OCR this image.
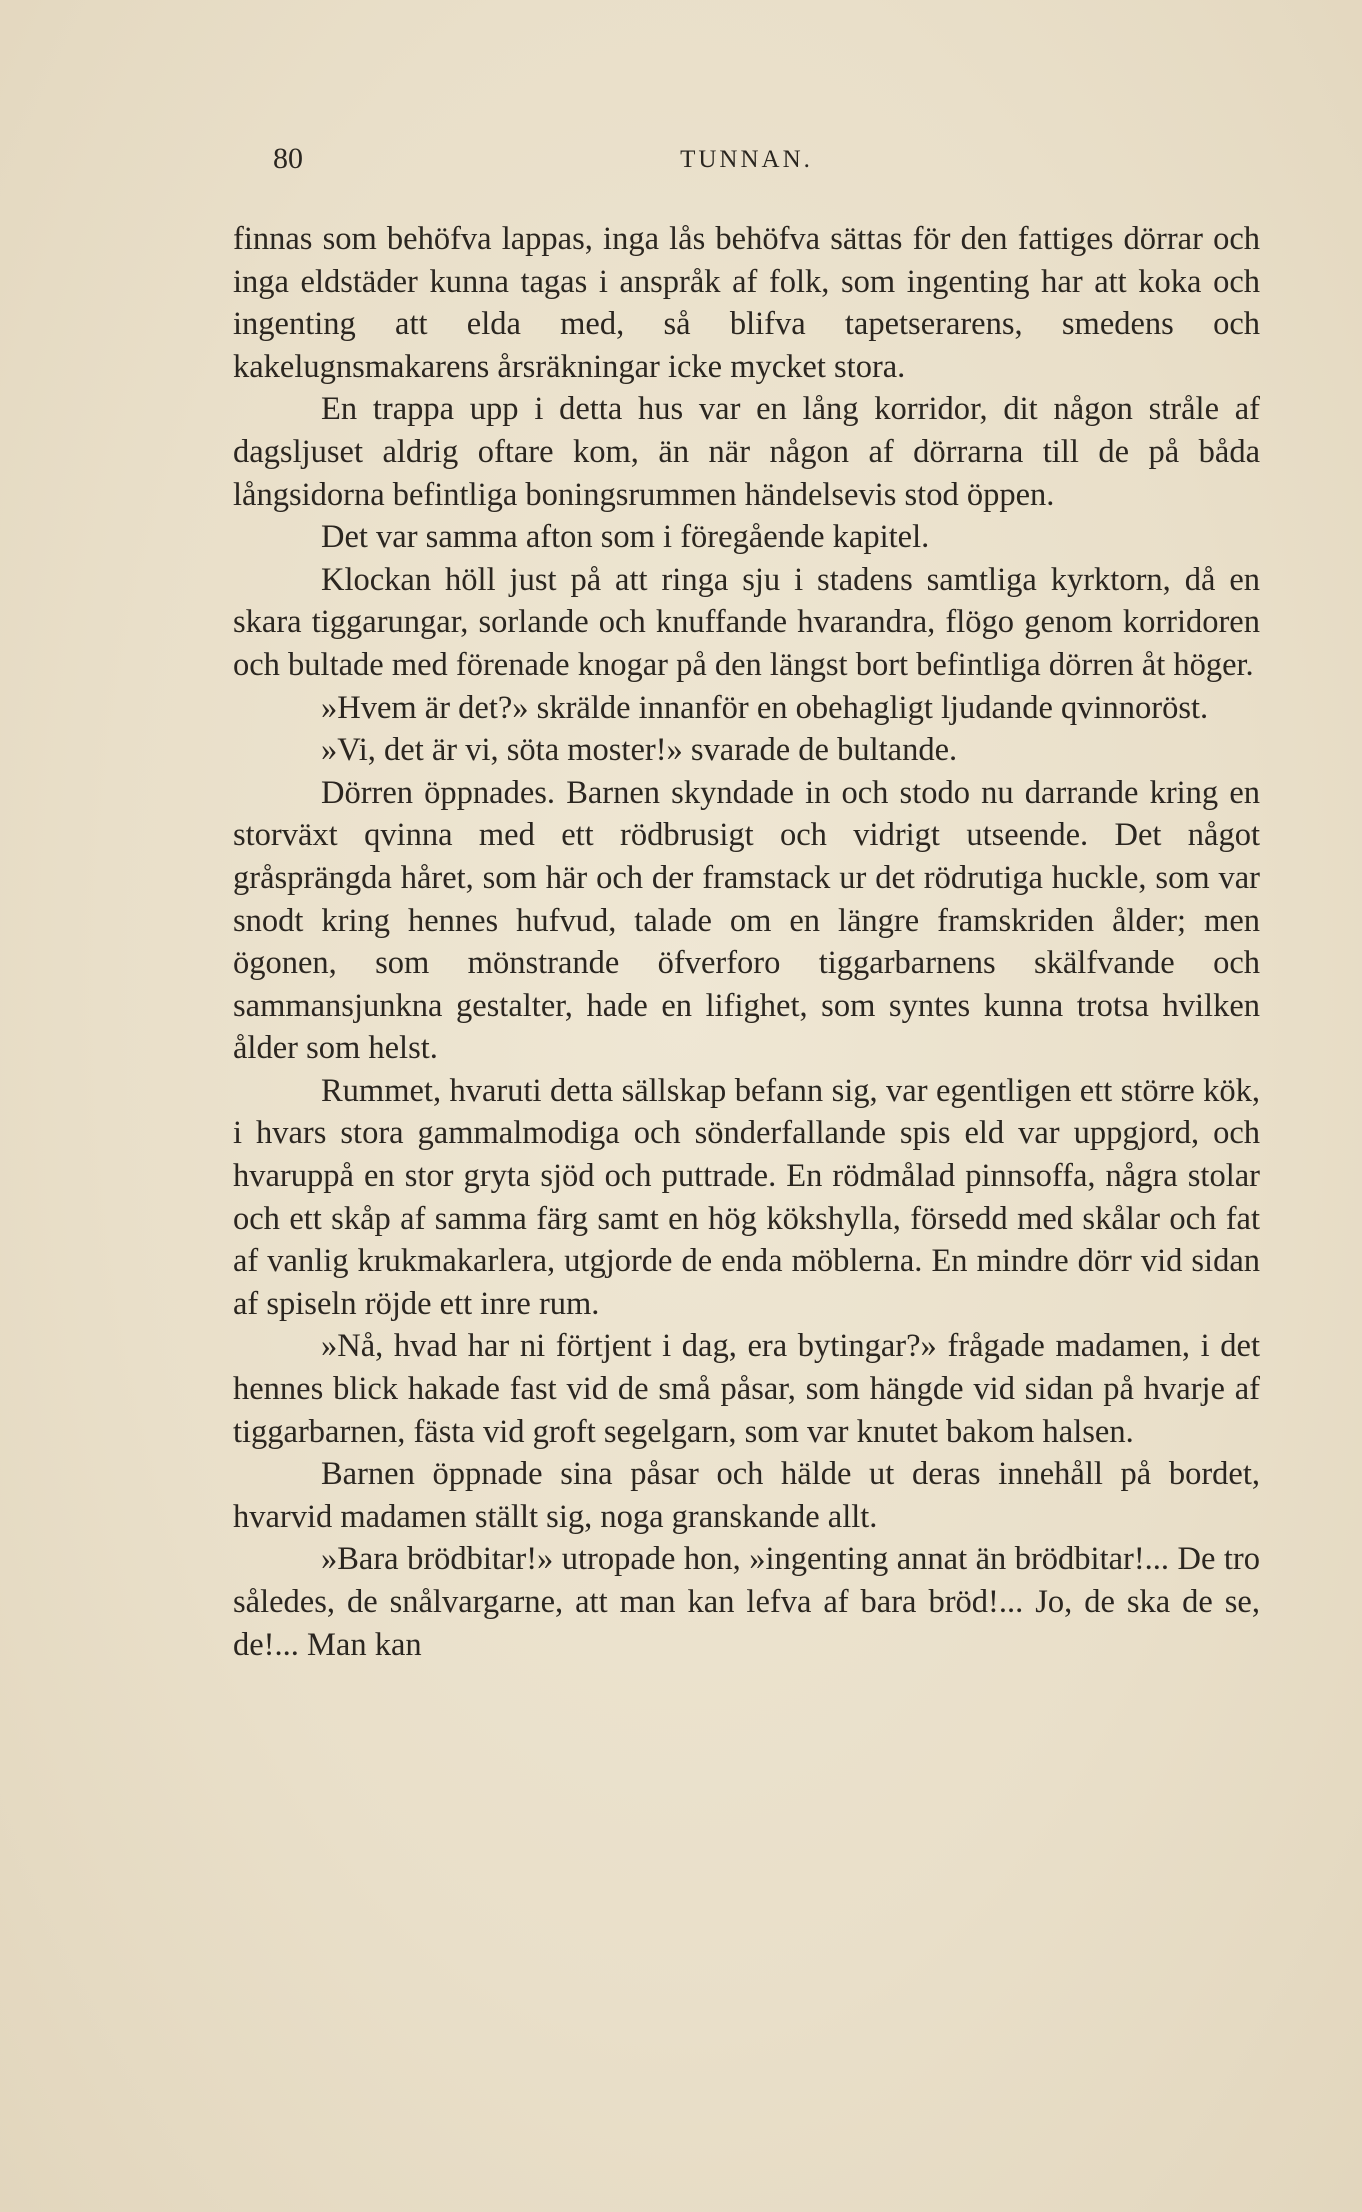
80	TUNNAN.

finnas som behöfva lappas, inga lås behöfva sättas för den fattiges dörrar och inga eldstäder kunna tagas i anspråk af folk, som ingenting har att koka och ingenting att elda med, så blifva tapetserarens, smedens och kakelugnsmakarens årsräkningar icke mycket stora.

En trappa upp i detta hus var en lång korridor, dit någon stråle af dagsljuset aldrig oftare kom, än när någon af dörrarna till de på båda långsidorna befintliga boningsrummen händelsevis stod öppen.

Det var samma afton som i föregående kapitel.

Klockan höll just på att ringa sju i stadens samtliga kyrktorn, då en skara tiggarungar, sorlande och knuffande hvarandra, flögo genom korridoren och bultade med förenade knogar på den längst bort befintliga dörren åt höger.

»Hvem är det?» skrälde innanför en obehagligt ljudande qvinnoröst.

»Vi, det är vi, söta moster!» svarade de bultande.

Dörren öppnades. Barnen skyndade in och stodo nu darrande kring en storväxt qvinna med ett rödbrusigt och vidrigt utseende. Det något gråsprängda håret, som här och der framstack ur det rödrutiga huckle, som var snodt kring hennes hufvud, talade om en längre framskriden ålder; men ögonen, som mönstrande öfverforo tiggarbarnens skälfvande och sammansjunkna gestalter, hade en lifighet, som syntes kunna trotsa hvilken ålder som helst.

Rummet, hvaruti detta sällskap befann sig, var egentligen ett större kök, i hvars stora gammalmodiga och sönderfallande spis eld var uppgjord, och hvaruppå en stor gryta sjöd och puttrade. En rödmålad pinnsoffa, några stolar och ett skåp af samma färg samt en hög kökshylla, försedd med skålar och fat af vanlig krukmakarlera, utgjorde de enda möblerna. En mindre dörr vid sidan af spiseln röjde ett inre rum.

»Nå, hvad har ni förtjent i dag, era bytingar?» frågade madamen, i det hennes blick hakade fast vid de små påsar, som hängde vid sidan på hvarje af tiggarbarnen, fästa vid groft segelgarn, som var knutet bakom halsen.

Barnen öppnade sina påsar och hälde ut deras innehåll på bordet, hvarvid madamen ställt sig, noga granskande allt.

»Bara brödbitar!» utropade hon, »ingenting annat än brödbitar!... De tro således, de snålvargarne, att man kan lefva af bara bröd!... Jo, de ska de se, de!... Man kan
